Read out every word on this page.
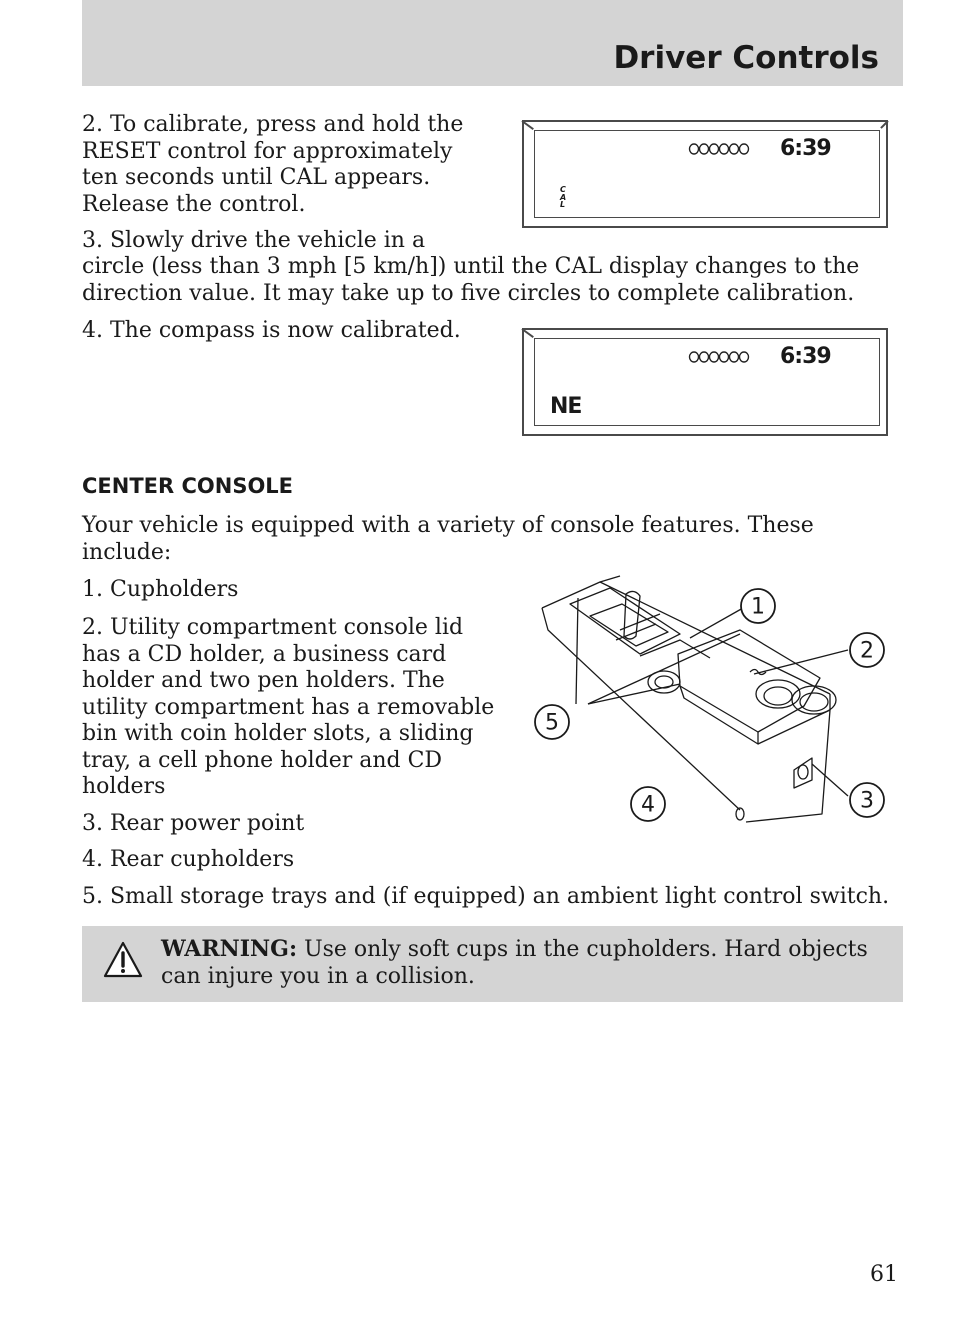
Driver Controls

2. To calibrate, press and hold the RESET control for approximately ten seconds until CAL appears. Release the control.

6:39
C
A
L

3. Slowly drive the vehicle in a

circle (less than 3 mph [5 km/h]) until the CAL display changes to the direction value. It may take up to five circles to complete calibration.

4. The compass is now calibrated.

6:39
NE
CENTER CONSOLE

Your vehicle is equipped with a variety of console features. These include:

1. Cupholders

2. Utility compartment console lid has a CD holder, a business card holder and two pen holders. The utility compartment has a removable bin with coin holder slots, a sliding tray, a cell phone holder and CD holders

3. Rear power point

4. Rear cupholders

5. Small storage trays and (if equipped) an ambient light control switch.

1
2
3
4
5
WARNING: Use only soft cups in the cupholders. Hard objects can injure you in a collision.
61
